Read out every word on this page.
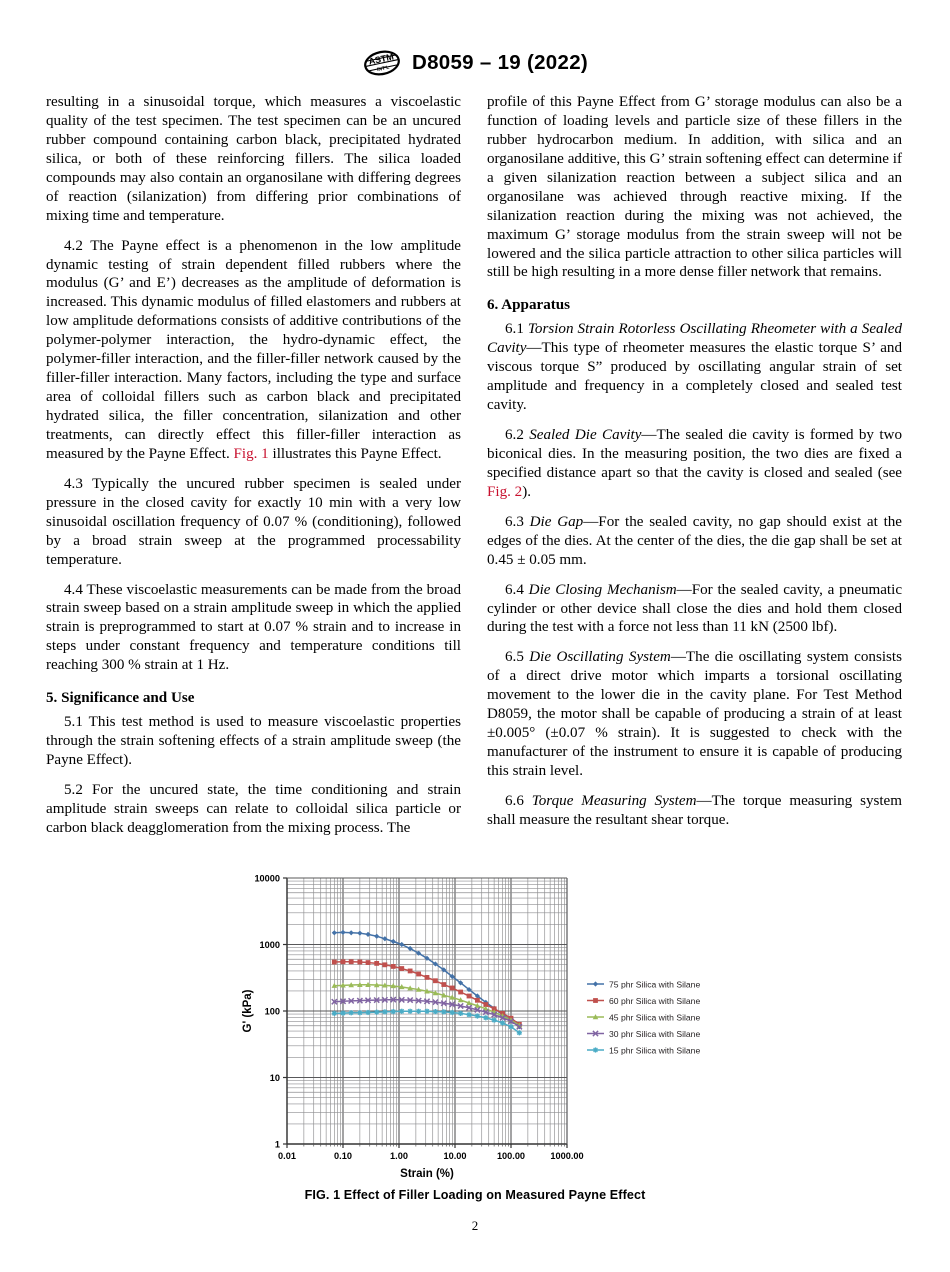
ASTM
INT'L D8059 – 19 (2022)

resulting in a sinusoidal torque, which measures a viscoelastic quality of the test specimen. The test specimen can be an uncured rubber compound containing carbon black, precipitated hydrated silica, or both of these reinforcing fillers. The silica loaded compounds may also contain an organosilane with differing degrees of reaction (silanization) from differing prior combinations of mixing time and temperature.

4.2 The Payne effect is a phenomenon in the low amplitude dynamic testing of strain dependent filled rubbers where the modulus (G’ and E’) decreases as the amplitude of deformation is increased. This dynamic modulus of filled elastomers and rubbers at low amplitude deformations consists of additive contributions of the polymer-polymer interaction, the hydro-dynamic effect, the polymer-filler interaction, and the filler-filler network caused by the filler-filler interaction. Many factors, including the type and surface area of colloidal fillers such as carbon black and precipitated hydrated silica, the filler concentration, silanization and other treatments, can directly effect this filler-filler interaction as measured by the Payne Effect. Fig. 1 illustrates this Payne Effect.

4.3 Typically the uncured rubber specimen is sealed under pressure in the closed cavity for exactly 10 min with a very low sinusoidal oscillation frequency of 0.07 % (conditioning), followed by a broad strain sweep at the programmed processability temperature.

4.4 These viscoelastic measurements can be made from the broad strain sweep based on a strain amplitude sweep in which the applied strain is preprogrammed to start at 0.07 % strain and to increase in steps under constant frequency and temperature conditions till reaching 300 % strain at 1 Hz.

5. Significance and Use

5.1 This test method is used to measure viscoelastic properties through the strain softening effects of a strain amplitude sweep (the Payne Effect).

5.2 For the uncured state, the time conditioning and strain amplitude strain sweeps can relate to colloidal silica particle or carbon black deagglomeration from the mixing process. The

profile of this Payne Effect from G’ storage modulus can also be a function of loading levels and particle size of these fillers in the rubber hydrocarbon medium. In addition, with silica and an organosilane additive, this G’ strain softening effect can determine if a given silanization reaction between a subject silica and an organosilane was achieved through reactive mixing. If the silanization reaction during the mixing was not achieved, the maximum G’ storage modulus from the strain sweep will not be lowered and the silica particle attraction to other silica particles will still be high resulting in a more dense filler network that remains.

6. Apparatus

6.1 Torsion Strain Rotorless Oscillating Rheometer with a Sealed Cavity—This type of rheometer measures the elastic torque S’ and viscous torque S” produced by oscillating angular strain of set amplitude and frequency in a completely closed and sealed test cavity.

6.2 Sealed Die Cavity—The sealed die cavity is formed by two biconical dies. In the measuring position, the two dies are fixed a specified distance apart so that the cavity is closed and sealed (see Fig. 2).

6.3 Die Gap—For the sealed cavity, no gap should exist at the edges of the dies. At the center of the dies, the die gap shall be set at 0.45 ± 0.05 mm.

6.4 Die Closing Mechanism—For the sealed cavity, a pneumatic cylinder or other device shall close the dies and hold them closed during the test with a force not less than 11 kN (2500 lbf).

6.5 Die Oscillating System—The die oscillating system consists of a direct drive motor which imparts a torsional oscillating movement to the lower die in the cavity plane. For Test Method D8059, the motor shall be capable of producing a strain of at least ±0.005° (±0.07 % strain). It is suggested to check with the manufacturer of the instrument to ensure it is capable of producing this strain level.

6.6 Torque Measuring System—The torque measuring system shall measure the resultant shear torque.

0.01	0.10	1.00	10.00	100.00	1000.00
1
10
100
1000
10000
Strain (%)
G' (kPa)
75 phr Silica with Silane
60 phr Silica with Silane
45 phr Silica with Silane
30 phr Silica with Silane
15 phr Silica with Silane
FIG. 1 Effect of Filler Loading on Measured Payne Effect
2
